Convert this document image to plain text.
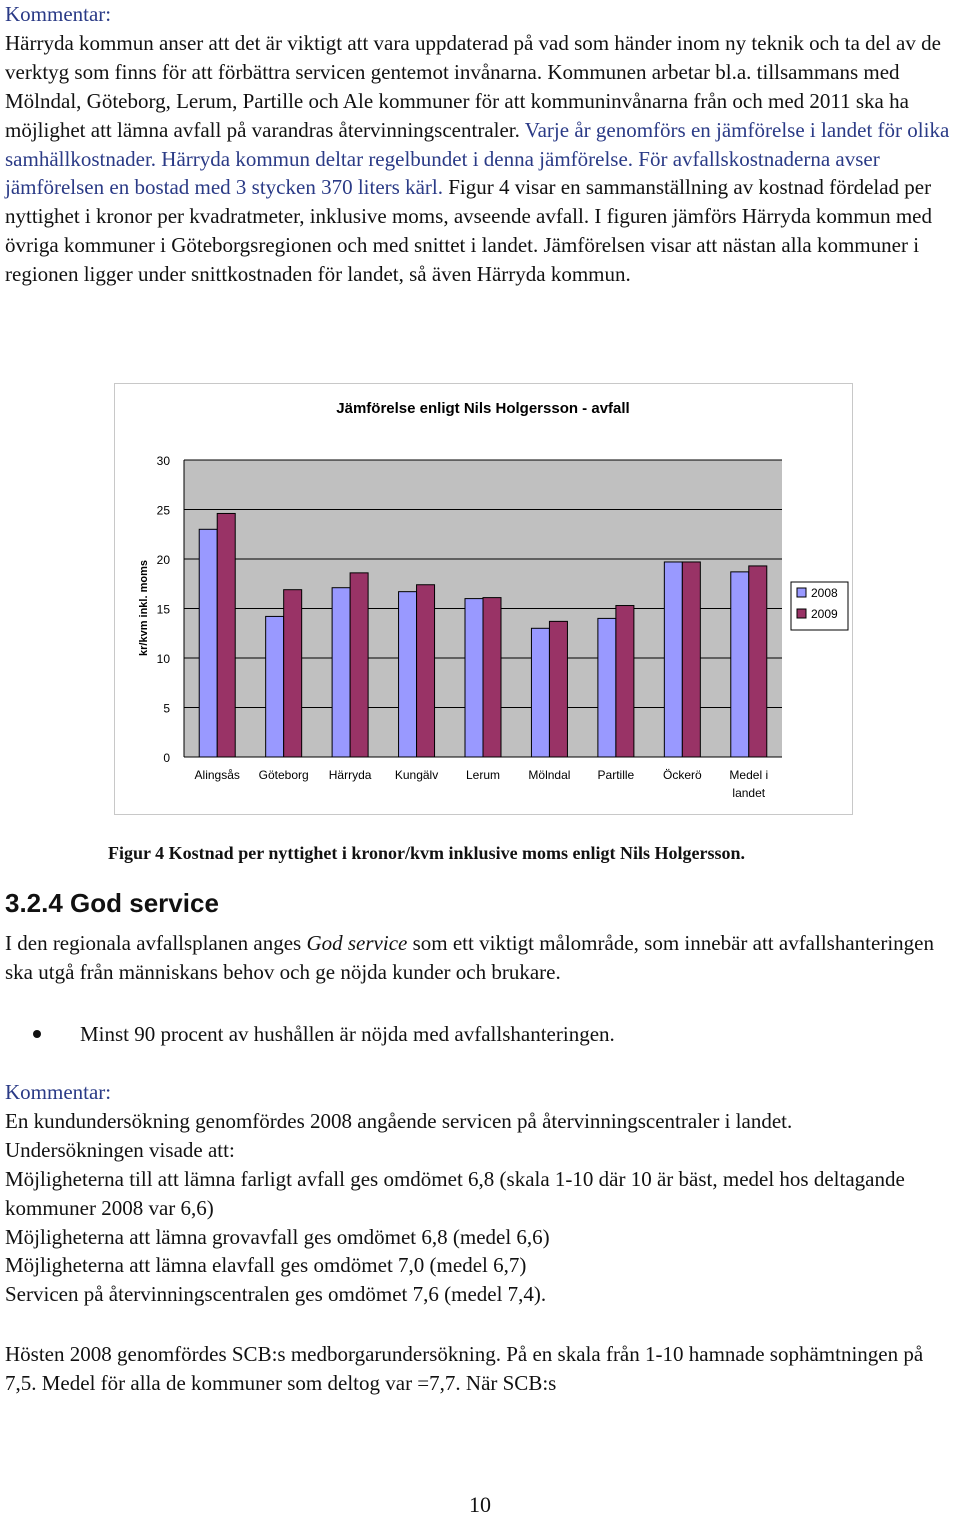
Kommentar:
Härryda kommun anser att det är viktigt att vara uppdaterad på vad som händer inom ny teknik och ta del av de verktyg som finns för att förbättra servicen gentemot invånarna. Kommunen arbetar bl.a. tillsammans med Mölndal, Göteborg, Lerum, Partille och Ale kommuner för att kommuninvånarna från och med 2011 ska ha möjlighet att lämna avfall på varandras återvinningscentraler. Varje år genomförs en jämförelse i landet för olika samhällkostnader. Härryda kommun deltar regelbundet i denna jämförelse. För avfallskostnaderna avser jämförelsen en bostad med 3 stycken 370 liters kärl. Figur 4 visar en sammanställning av kostnad fördelad per nyttighet i kronor per kvadratmeter, inklusive moms, avseende avfall. I figuren jämförs Härryda kommun med övriga kommuner i Göteborgsregionen och med snittet i landet. Jämförelsen visar att nästan alla kommuner i regionen ligger under snittkostnaden för landet, så även Härryda kommun.
Jämförelse enligt Nils Holgersson - avfall
0
5
10
15
20
25
30
kr/kvm inkl. moms
Alingsås Göteborg Härryda Kungälv Lerum Mölndal Partille Öckerö Medel i
landet
2008
2009
Figur 4 Kostnad per nyttighet i kronor/kvm inklusive moms enligt Nils Holgersson.
3.2.4 God service
I den regionala avfallsplanen anges God service som ett viktigt målområde, som innebär att avfallshanteringen ska utgå från människans behov och ge nöjda kunder och brukare.
Minst 90 procent av hushållen är nöjda med avfallshanteringen.
Kommentar:
En kundundersökning genomfördes 2008 angående servicen på återvinningscentraler i landet.
Undersökningen visade att:
Möjligheterna till att lämna farligt avfall ges omdömet 6,8 (skala 1-10 där 10 är bäst, medel hos deltagande kommuner 2008 var 6,6)
Möjligheterna att lämna grovavfall ges omdömet 6,8 (medel 6,6)
Möjligheterna att lämna elavfall ges omdömet 7,0 (medel 6,7)
Servicen på återvinningscentralen ges omdömet 7,6 (medel 7,4).
Hösten 2008 genomfördes SCB:s medborgarundersökning. På en skala från 1-10 hamnade sophämtningen på 7,5. Medel för alla de kommuner som deltog var =7,7. När SCB:s
10
